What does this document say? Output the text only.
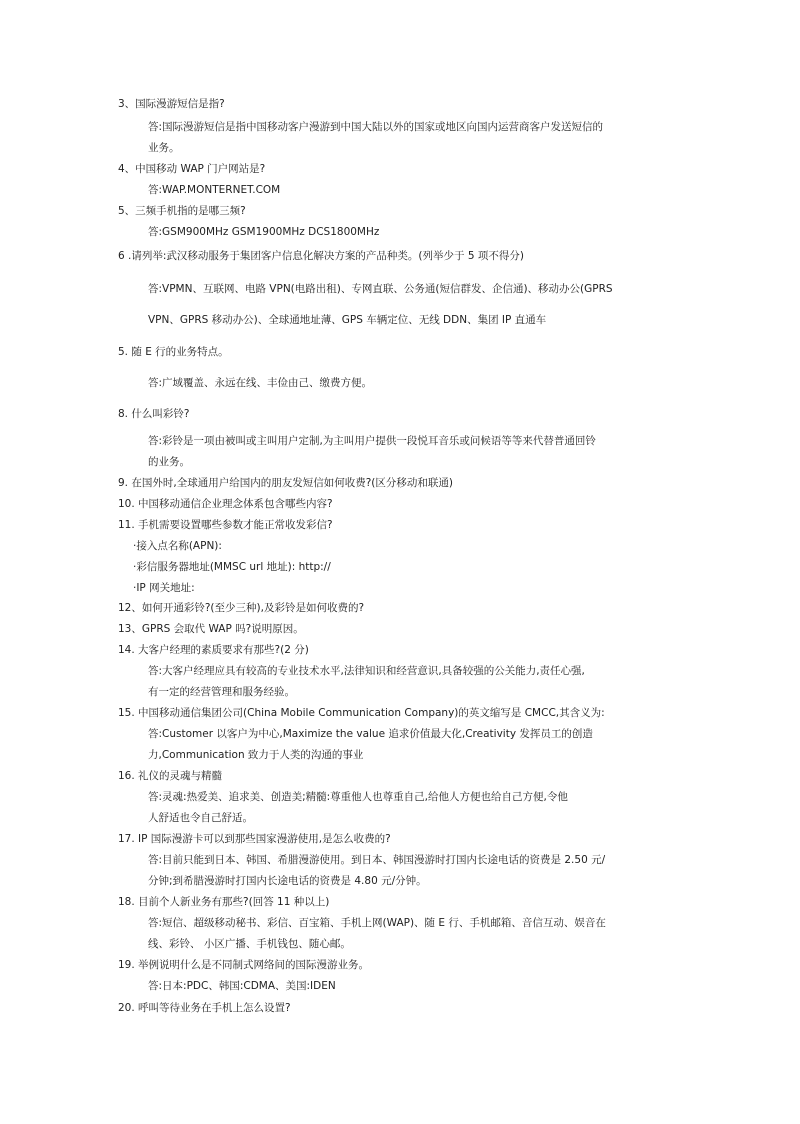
3、国际漫游短信是指?
答:国际漫游短信是指中国移动客户漫游到中国大陆以外的国家或地区向国内运营商客户发送短信的
业务。
4、中国移动 WAP 门户网站是?
答:WAP.MONTERNET.COM
5、三频手机指的是哪三频?
答:GSM900MHz GSM1900MHz DCS1800MHz
6 .请列举:武汉移动服务于集团客户信息化解决方案的产品种类。(列举少于 5 项不得分)
答:VPMN、互联网、电路 VPN(电路出租)、专网直联、公务通(短信群发、企信通)、移动办公(GPRS
VPN、GPRS 移动办公)、全球通地址薄、GPS 车辆定位、无线 DDN、集团 IP 直通车
5. 随 E 行的业务特点。
答:广域覆盖、永远在线、丰俭由己、缴费方便。
8. 什么叫彩铃?
答:彩铃是一项由被叫或主叫用户定制,为主叫用户提供一段悦耳音乐或问候语等等来代替普通回铃
的业务。
9. 在国外时,全球通用户给国内的朋友发短信如何收费?(区分移动和联通)
10. 中国移动通信企业理念体系包含哪些内容?
11. 手机需要设置哪些参数才能正常收发彩信?
·接入点名称(APN):
·彩信服务器地址(MMSC url 地址): http://
·IP 网关地址:
12、如何开通彩铃?(至少三种),及彩铃是如何收费的?
13、GPRS 会取代 WAP 吗?说明原因。
14. 大客户经理的素质要求有那些?(2 分)
答:大客户经理应具有较高的专业技术水平,法律知识和经营意识,具备较强的公关能力,责任心强,
有一定的经营管理和服务经验。
15. 中国移动通信集团公司(China Mobile Communication Company)的英文缩写是 CMCC,其含义为:
答:Customer 以客户为中心,Maximize the value 追求价值最大化,Creativity 发挥员工的创造
力,Communication 致力于人类的沟通的事业
16. 礼仪的灵魂与精髓
答:灵魂:热爱美、追求美、创造美;精髓:尊重他人也尊重自己,给他人方便也给自己方便,令他
人舒适也令自己舒适。
17. IP 国际漫游卡可以到那些国家漫游使用,是怎么收费的?
答:目前只能到日本、韩国、希腊漫游使用。到日本、韩国漫游时打国内长途电话的资费是 2.50 元/
分钟;到希腊漫游时打国内长途电话的资费是 4.80 元/分钟。
18. 目前个人新业务有那些?(回答 11 种以上)
答:短信、超级移动秘书、彩信、百宝箱、手机上网(WAP)、随 E 行、手机邮箱、音信互动、娱音在
线、彩铃、 小区广播、手机钱包、随心邮。
19. 举例说明什么是不同制式网络间的国际漫游业务。
答:日本:PDC、韩国:CDMA、美国:IDEN
20. 呼叫等待业务在手机上怎么设置?
